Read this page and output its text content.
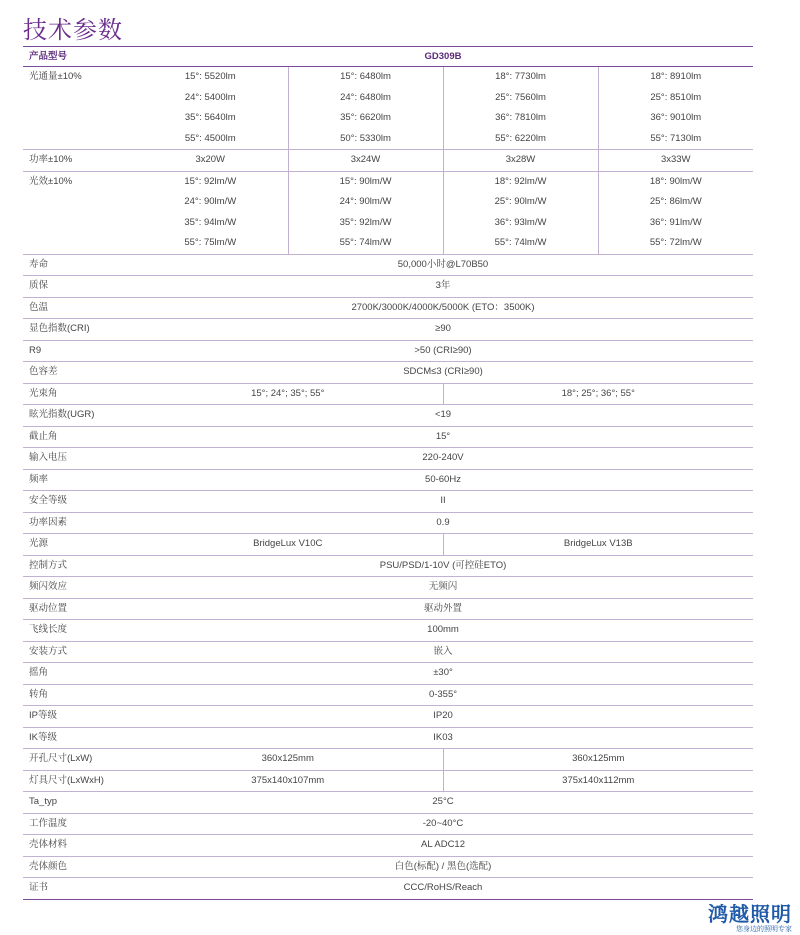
技术参数
产品型号	GD309B			
光通量±10%	15°: 5520lm	15°: 6480lm	18°: 7730lm	18°: 8910lm
	24°: 5400lm	24°: 6480lm	25°: 7560lm	25°: 8510lm
	35°: 5640lm	35°: 6620lm	36°: 7810lm	36°: 9010lm
	55°: 4500lm	50°: 5330lm	55°: 6220lm	55°: 7130lm
功率±10%	3x20W	3x24W	3x28W	3x33W
光效±10%	15°: 92lm/W	15°: 90lm/W	18°: 92lm/W	18°: 90lm/W
	24°: 90lm/W	24°: 90lm/W	25°: 90lm/W	25°: 86lm/W
	35°: 94lm/W	35°: 92lm/W	36°: 93lm/W	36°: 91lm/W
	55°: 75lm/W	55°: 74lm/W	55°: 74lm/W	55°: 72lm/W
寿命	50,000小时@L70B50			
质保	3年			
色温	2700K/3000K/4000K/5000K (ETO：3500K)			
显色指数(CRI)	≥90			
R9	>50 (CRI≥90)			
色容差	SDCM≤3 (CRI≥90)			
光束角	15°; 24°; 35°; 55°		18°; 25°; 36°; 55°	
眩光指数(UGR)	<19			
截止角	15°			
输入电压	220-240V			
频率	50-60Hz			
安全等级	II			
功率因素	0.9			
光源	BridgeLux V10C		BridgeLux V13B	
控制方式	PSU/PSD/1-10V (可控硅ETO)			
频闪效应	无频闪			
驱动位置	驱动外置			
飞线长度	100mm			
安装方式	嵌入			
摇角	±30°			
转角	0-355°			
IP等级	IP20			
IK等级	IK03			
开孔尺寸(LxW)	360x125mm		360x125mm	
灯具尺寸(LxWxH)	375x140x107mm		375x140x112mm	
Ta_typ	25°C			
工作温度	-20~40°C			
壳体材料	AL ADC12			
壳体颜色	白色(标配) / 黑色(选配)			
证书	CCC/RoHS/Reach			
鸿越照明
您身边的照明专家
